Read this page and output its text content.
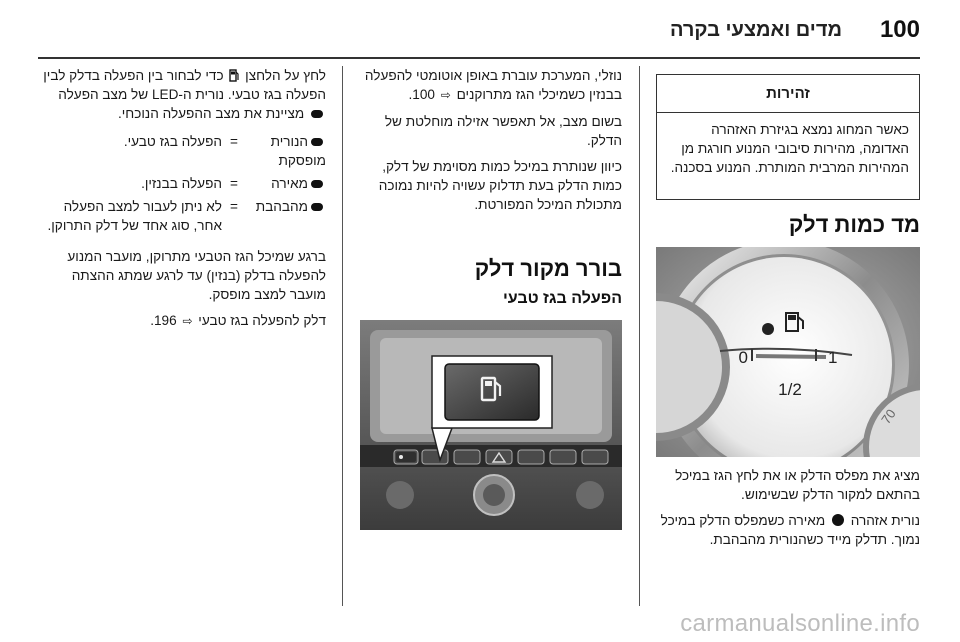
100
מדים ואמצעי בקרה
זהירות
כאשר המחוג נמצא בגיזרת האזהרה האדומה, מהירות סיבובי המנוע חורגת מן המהירות המרבית המותרת. המנוע בסכנה.
מד כמות דלק
0	1
1/2
70

מציג את מפלס הדלק או את לחץ הגז במיכל בהתאם למקור הדלק שבשימוש.

נורית אזהרה  מאירה כשמפלס הדלק במיכל נמוך. תדלק מייד כשהנורית מהבהבת.

נוזלי, המערכת עוברת באופן אוטומטי להפעלה בבנזין כשמיכלי הגז מתרוקנים ⇨ 100.

בשום מצב, אל תאפשר אזילה מוחלטת של הדלק.

כיוון שנותרת במיכל כמות מסוימת של דלק, כמות הדלק בעת תדלוק עשויה להיות נמוכה מתכולת המיכל המפורטת.

בורר מקור דלק
הפעלה בגז טבעי

לחץ על הלחצן  כדי לבחור בין הפעלה בדלק לבין הפעלה בגז טבעי. נורית ה-LED של מצב הפעלה  מציינת את מצב ההפעלה הנוכחי.

הנורית מופסקת	=	הפעלה בגז טבעי.
מאירה	=	הפעלה בבנזין.
מהבהבת	=	לא ניתן לעבור למצב הפעלה אחר, סוג אחד של דלק התרוקן.

ברגע שמיכל הגז הטבעי מתרוקן, מועבר המנוע להפעלה בדלק (בנזין) עד לרגע שמתג ההצתה מועבר למצב מופסק.

דלק להפעלה בגז טבעי ⇨ 196.

carmanualsonline.info
